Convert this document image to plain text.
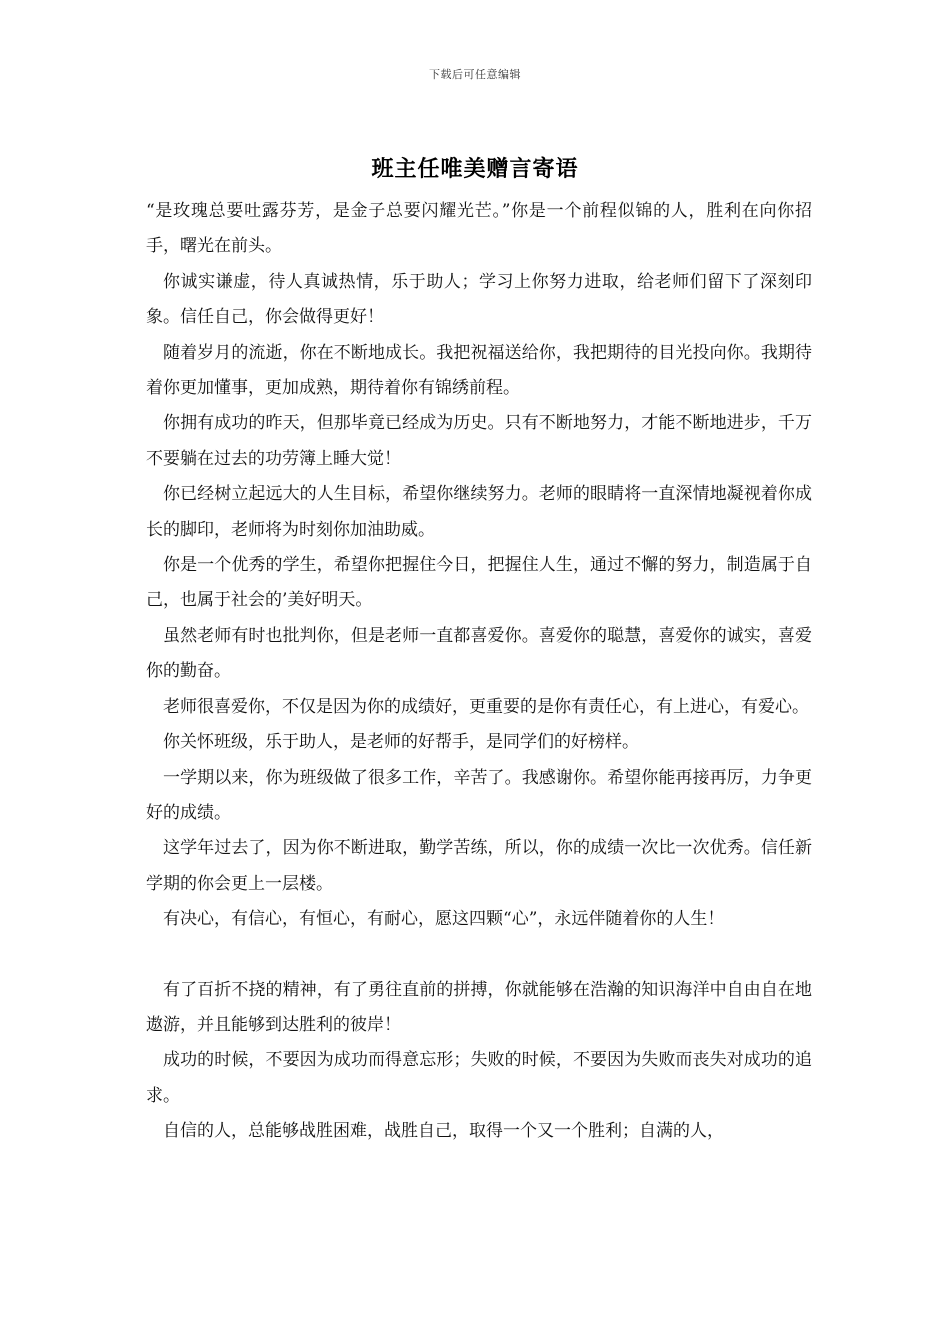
下载后可任意编辑
班主任唯美赠言寄语

“是玫瑰总要吐露芬芳，是金子总要闪耀光芒。”你是一个前程似锦的人，胜利在向你招手，曙光在前头。

你诚实谦虚，待人真诚热情，乐于助人；学习上你努力进取，给老师们留下了深刻印象。信任自己，你会做得更好！

随着岁月的流逝，你在不断地成长。我把祝福送给你，我把期待的目光投向你。我期待着你更加懂事，更加成熟，期待着你有锦绣前程。

你拥有成功的昨天，但那毕竟已经成为历史。只有不断地努力，才能不断地进步，千万不要躺在过去的功劳簿上睡大觉！

你已经树立起远大的人生目标，希望你继续努力。老师的眼睛将一直深情地凝视着你成长的脚印，老师将为时刻你加油助威。

你是一个优秀的学生，希望你把握住今日，把握住人生，通过不懈的努力，制造属于自己，也属于社会的’美好明天。

虽然老师有时也批判你，但是老师一直都喜爱你。喜爱你的聪慧，喜爱你的诚实，喜爱你的勤奋。

老师很喜爱你，不仅是因为你的成绩好，更重要的是你有责任心，有上进心，有爱心。

你关怀班级，乐于助人，是老师的好帮手，是同学们的好榜样。

一学期以来，你为班级做了很多工作，辛苦了。我感谢你。希望你能再接再厉，力争更好的成绩。

这学年过去了，因为你不断进取，勤学苦练，所以，你的成绩一次比一次优秀。信任新学期的你会更上一层楼。

有决心，有信心，有恒心，有耐心，愿这四颗“心”，永远伴随着你的人生！

有了百折不挠的精神，有了勇往直前的拼搏，你就能够在浩瀚的知识海洋中自由自在地遨游，并且能够到达胜利的彼岸！

成功的时候，不要因为成功而得意忘形；失败的时候，不要因为失败而丧失对成功的追求。

自信的人，总能够战胜困难，战胜自己，取得一个又一个胜利；自满的人，
